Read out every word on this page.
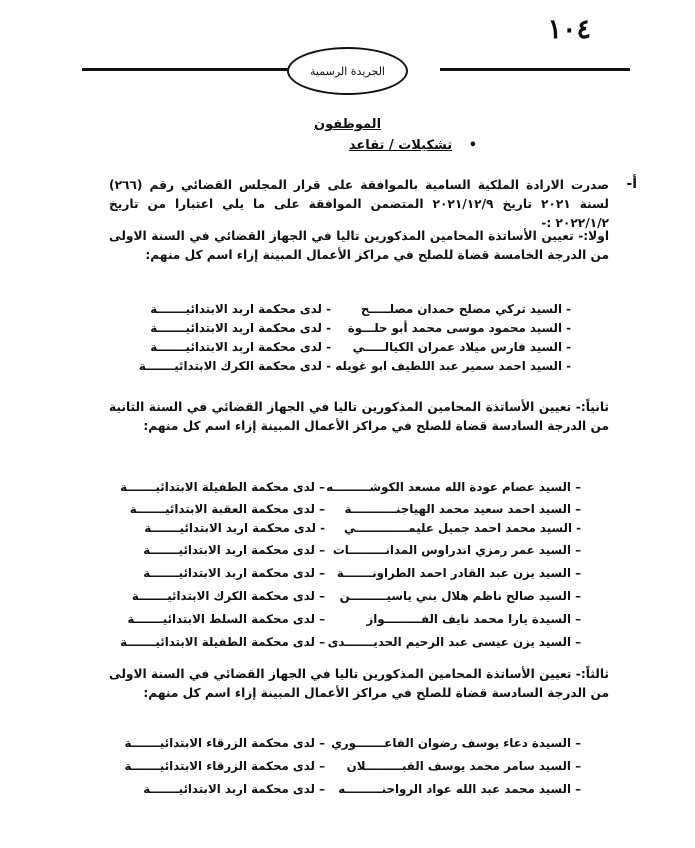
١٠٤
الجريدة الرسمية
الموظفون
• تشكيلات / تقاعد
أ-
صدرت الارادة الملكية السامية بالموافقة على قرار المجلس القضائي رقم (٢٦٦) لسنة ٢٠٢١ تاريخ ٢٠٢١/١٢/٩ المتضمن الموافقة على ما يلي اعتبارا من تاريخ ٢٠٢٢/١/٢ :-
اولا:- تعيين الأساتذة المحامين المذكورين تاليا في الجهاز القضائي في السنة الاولى من الدرجة الخامسة قضاة للصلح في مراكز الأعمال المبينة إزاء اسم كل منهم:
ثانياً:- تعيين الأساتذة المحامين المذكورين تاليا في الجهاز القضائي في السنة الثانية من الدرجة السادسة قضاة للصلح في مراكز الأعمال المبينة إزاء اسم كل منهم:
ثالثاً:- تعيين الأساتذة المحامين المذكورين تاليا في الجهاز القضائي في السنة الاولى من الدرجة السادسة قضاة للصلح في مراكز الأعمال المبينة إزاء اسم كل منهم:
- السيد تركي مصلح حمدان مصلـــــح
- لدى محكمة اربد الابتدائيـــــــة
- السيد محمود موسى محمد أبو حلـــوة
- لدى محكمة اربد الابتدائيـــــــة
- السيد فارس ميلاد عمران الكيالـــــي
- لدى محكمة اربد الابتدائيـــــــة
- السيد احمد سمير عبد اللطيف ابو غويله
- لدى محكمة الكرك الابتدائيـــــــة
– السيد عصام عودة الله مسعد الكوشـــــــــه
– لدى محكمة الطفيلة الابتدائيـــــــة
– السيد احمد سعيد محمد الهياجنـــــــــــة
– لدى محكمة العقبة الابتدائيـــــــة
- السيد محمد احمد جميل عليمـــــــــــــي
- لدى محكمة اربد الابتدائيـــــــة
– السيد عمر رمزي اندراوس المدانـــــــــات
– لدى محكمة اربد الابتدائيـــــــة
– السيد يزن عبد القادر احمد الطراونـــــــة
– لدى محكمة اربد الابتدائيـــــــة
– السيد صالح ناظم هلال بني ياسيـــــــــن
– لدى محكمة الكرك الابتدائيـــــــة
– السيدة يارا محمد نايف الفـــــــــواز
– لدى محكمة السلط الابتدائيـــــــة
– السيد يزن عيسى عبد الرحيم الحديـــــــدى
– لدى محكمة الطفيلة الابتدائيـــــــة
– السيدة دعاء يوسف رضوان الفاعـــــــوري
– لدى محكمة الزرقاء الابتدائيـــــــة
– السيد سامر محمد يوسف القبـــــــــلان
– لدى محكمة الزرقاء الابتدائيـــــــة
– السيد محمد عبد الله عواد الرواحنـــــــــه
– لدى محكمة اربد الابتدائيـــــــة
